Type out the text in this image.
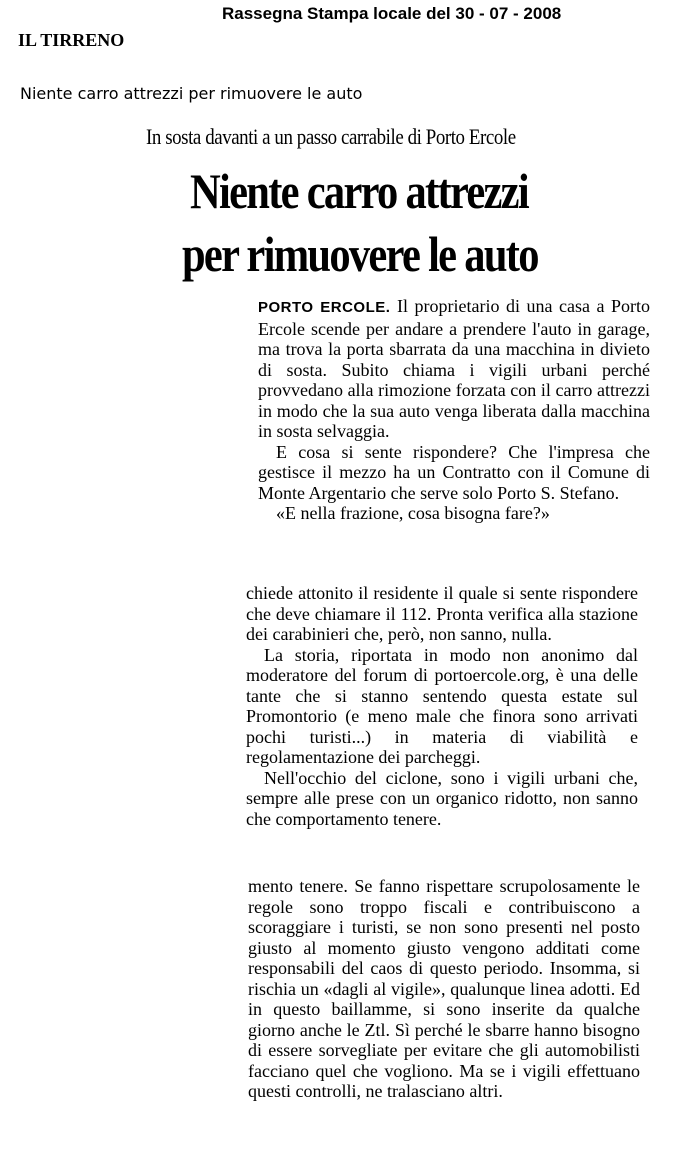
Rassegna Stampa locale del 30 - 07 - 2008
IL TIRRENO
Niente carro attrezzi per rimuovere le auto
In sosta davanti a un passo carrabile di Porto Ercole
Niente carro attrezzi
per rimuovere le auto

PORTO ERCOLE. Il proprietario di una casa a Porto Ercole scende per andare a prendere l'auto in garage, ma trova la porta sbarrata da una macchina in divieto di sosta. Subito chiama i vigili urbani perché provvedano alla rimozione forzata con il carro attrezzi in modo che la sua auto venga liberata dalla macchina in sosta selvaggia.

E cosa si sente rispondere? Che l'impresa che gestisce il mezzo ha un Contratto con il Comune di Monte Argentario che serve solo Porto S. Stefano.

«E nella frazione, cosa bisogna fare?»

chiede attonito il residente il quale si sente rispondere che deve chiamare il 112. Pronta verifica alla stazione dei carabinieri che, però, non sanno, nulla.

La storia, riportata in modo non anonimo dal moderatore del forum di portoercole.org, è una delle tante che si stanno sentendo questa estate sul Promontorio (e meno male che finora sono arrivati pochi turisti...) in materia di viabilità e regolamentazione dei parcheggi.

Nell'occhio del ciclone, sono i vigili urbani che, sempre alle prese con un organico ridotto, non sanno che comportamento tenere.

mento tenere. Se fanno rispettare scrupolosamente le regole sono troppo fiscali e contribuiscono a scoraggiare i turisti, se non sono presenti nel posto giusto al momento giusto vengono additati come responsabili del caos di questo periodo. Insomma, si rischia un «dagli al vigile», qualunque linea adotti. Ed in questo baillamme, si sono inserite da qualche giorno anche le Ztl. Sì perché le sbarre hanno bisogno di essere sorvegliate per evitare che gli automobilisti facciano quel che vogliono. Ma se i vigili effettuano questi controlli, ne tralasciano altri.
